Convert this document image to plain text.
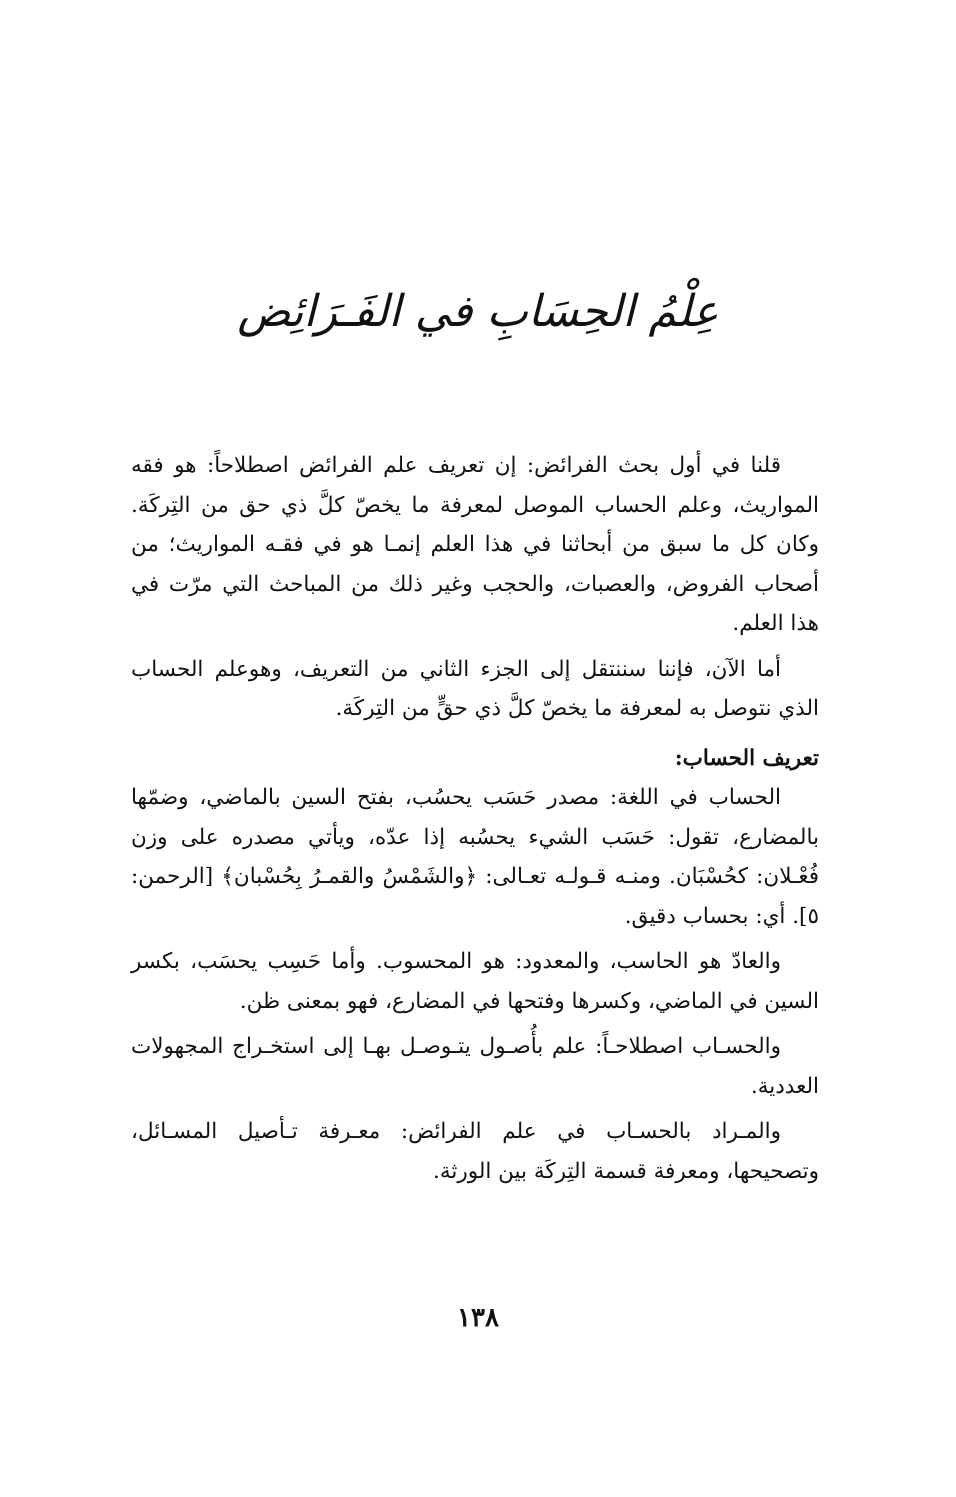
عِلْمُ الحِسَابِ في الفَـرَائِض

قلنا في أول بحث الفرائض: إن تعريف علم الفرائض اصطلاحاً: هو فقه المواريث، وعلم الحساب الموصل لمعرفة ما يخصّ كلَّ ذي حق من التِركَة. وكان كل ما سبق من أبحاثنا في هذا العلم إنمـا هو في فقـه المواريث؛ من أصحاب الفروض، والعصبات، والحجب وغير ذلك من المباحث التي مرّت في هذا العلم.

أما الآن، فإننا سننتقل إلى الجزء الثاني من التعريف، وهوعلم الحساب الذي نتوصل به لمعرفة ما يخصّ كلَّ ذي حقٍّ من التِركَة.

تعريف الحساب:

الحساب في اللغة: مصدر حَسَب يحسُب، بفتح السين بالماضي، وضمّها بالمضارع، تقول: حَسَب الشيء يحسُبه إذا عدّه، ويأتي مصدره على وزن فُعْـلان: كحُسْبَان. ومنـه قـولـه تعـالى: ﴿والشَمْسُ والقمـرُ بِحُسْبان﴾ [الرحمن: ٥]. أي: بحساب دقيق.

والعادّ هو الحاسب، والمعدود: هو المحسوب. وأما حَسِب يحسَب، بكسر السين في الماضي، وكسرها وفتحها في المضارع، فهو بمعنى ظن.

والحسـاب اصطلاحـاً: علم بأُصـول يتـوصـل بهـا إلى استخـراج المجهولات العددية.

والمـراد بالحسـاب في علم الفرائض: معـرفة تـأصيل المسـائل، وتصحيحها، ومعرفة قسمة التِركَة بين الورثة.

١٣٨
